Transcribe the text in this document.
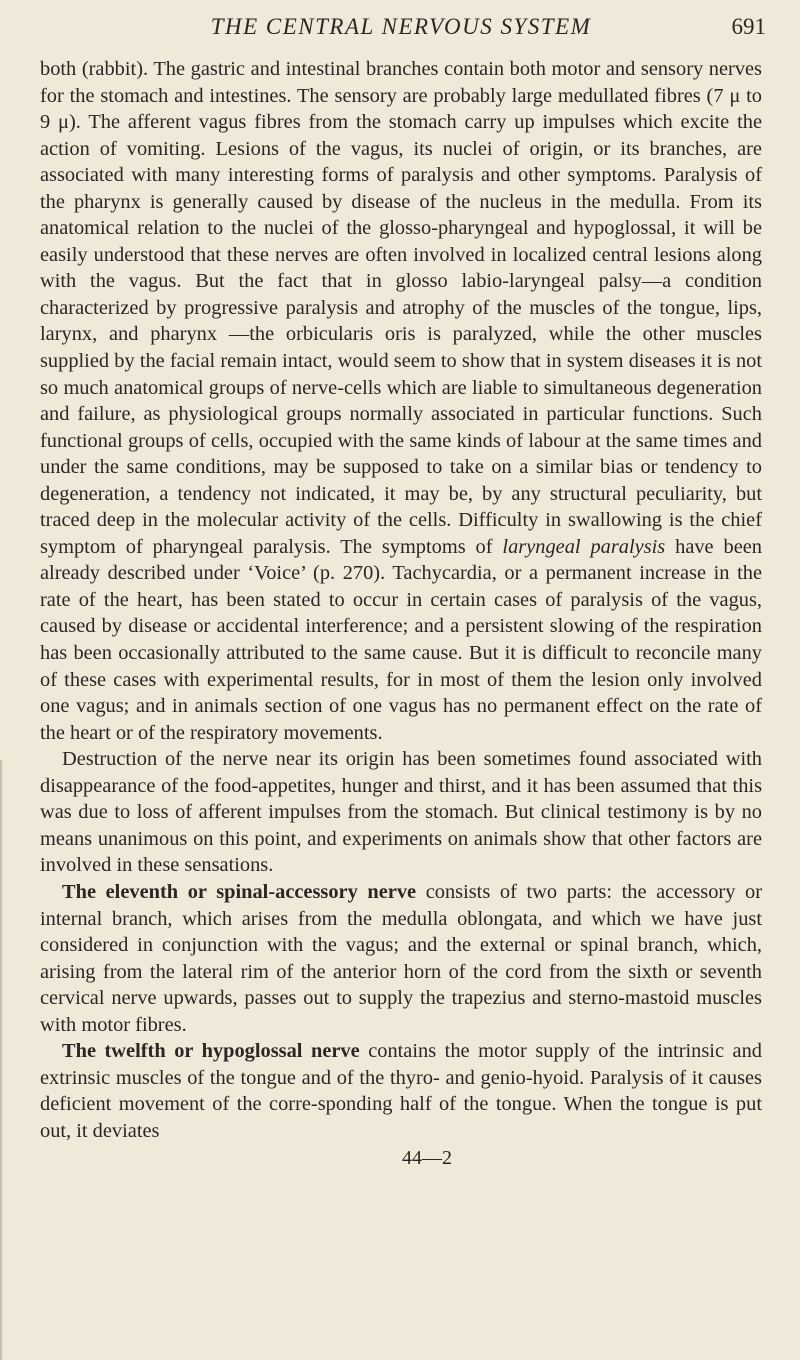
THE CENTRAL NERVOUS SYSTEM	691

both (rabbit). The gastric and intestinal branches contain both motor and sensory nerves for the stomach and intestines. The sensory are probably large medullated fibres (7 μ to 9 μ). The afferent vagus fibres from the stomach carry up impulses which excite the action of vomiting. Lesions of the vagus, its nuclei of origin, or its branches, are associated with many interesting forms of paralysis and other symptoms. Paralysis of the pharynx is generally caused by disease of the nucleus in the medulla. From its anatomical relation to the nuclei of the glosso-pharyngeal and hypoglossal, it will be easily understood that these nerves are often involved in localized central lesions along with the vagus. But the fact that in glosso labio-laryngeal palsy—a condition characterized by progressive paralysis and atrophy of the muscles of the tongue, lips, larynx, and pharynx —the orbicularis oris is paralyzed, while the other muscles supplied by the facial remain intact, would seem to show that in system diseases it is not so much anatomical groups of nerve-cells which are liable to simultaneous degeneration and failure, as physiological groups normally associated in particular functions. Such functional groups of cells, occupied with the same kinds of labour at the same times and under the same conditions, may be supposed to take on a similar bias or tendency to degeneration, a tendency not indicated, it may be, by any structural peculiarity, but traced deep in the molecular activity of the cells. Difficulty in swallowing is the chief symptom of pharyngeal paralysis. The symptoms of laryngeal paralysis have been already described under ‘Voice’ (p. 270). Tachycardia, or a permanent increase in the rate of the heart, has been stated to occur in certain cases of paralysis of the vagus, caused by disease or accidental interference; and a persistent slowing of the respiration has been occasionally attributed to the same cause. But it is difficult to reconcile many of these cases with experimental results, for in most of them the lesion only involved one vagus; and in animals section of one vagus has no permanent effect on the rate of the heart or of the respiratory movements.

Destruction of the nerve near its origin has been sometimes found associated with disappearance of the food-appetites, hunger and thirst, and it has been assumed that this was due to loss of afferent impulses from the stomach. But clinical testimony is by no means unanimous on this point, and experiments on animals show that other factors are involved in these sensations.

The eleventh or spinal-accessory nerve consists of two parts: the accessory or internal branch, which arises from the medulla oblongata, and which we have just considered in conjunction with the vagus; and the external or spinal branch, which, arising from the lateral rim of the anterior horn of the cord from the sixth or seventh cervical nerve upwards, passes out to supply the trapezius and sterno-mastoid muscles with motor fibres.

The twelfth or hypoglossal nerve contains the motor supply of the intrinsic and extrinsic muscles of the tongue and of the thyro- and genio-hyoid. Paralysis of it causes deficient movement of the corre-sponding half of the tongue. When the tongue is put out, it deviates

44—2
